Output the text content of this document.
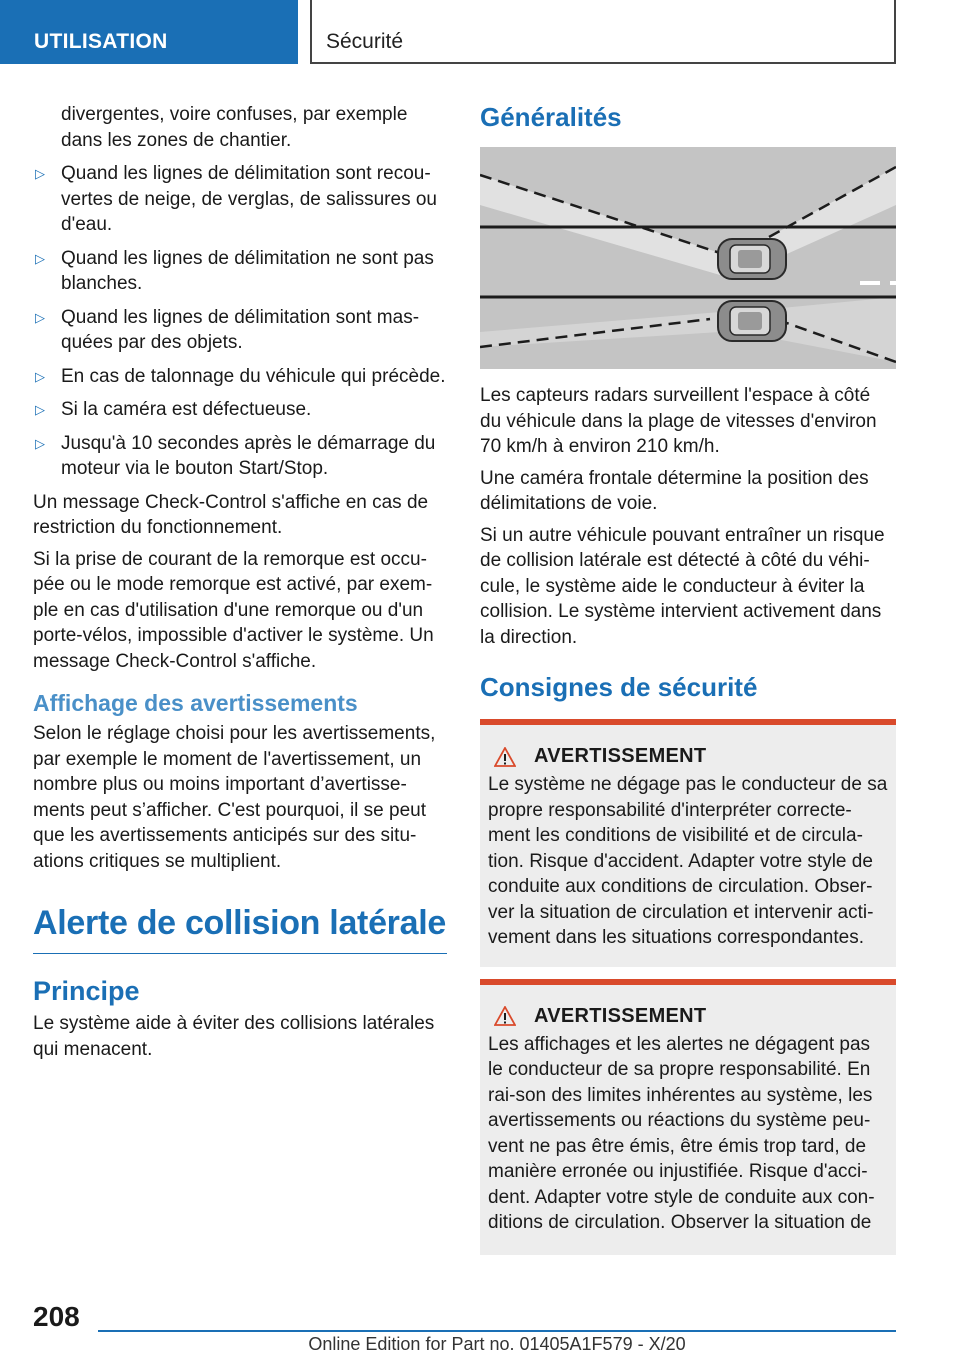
UTILISATION	Sécurité
divergentes, voire confuses, par exemple dans les zones de chantier.
▷ Quand les lignes de délimitation sont recou-vertes de neige, de verglas, de salissures ou d'eau.
▷ Quand les lignes de délimitation ne sont pas blanches.
▷ Quand les lignes de délimitation sont mas-quées par des objets.
▷ En cas de talonnage du véhicule qui précède.
▷ Si la caméra est défectueuse.
▷ Jusqu'à 10 secondes après le démarrage du moteur via le bouton Start/Stop.

Un message Check-Control s'affiche en cas de restriction du fonctionnement.

Si la prise de courant de la remorque est occu-pée ou le mode remorque est activé, par exem-ple en cas d'utilisation d'une remorque ou d'un porte-vélos, impossible d'activer le système. Un message Check-Control s'affiche.

Affichage des avertissements

Selon le réglage choisi pour les avertissements, par exemple le moment de l'avertissement, un nombre plus ou moins important d’avertisse-ments peut s’afficher. C'est pourquoi, il se peut que les avertissements anticipés sur des situ-ations critiques se multiplient.

Alerte de collision latérale
Principe

Le système aide à éviter des collisions latérales qui menacent.

Généralités

Les capteurs radars surveillent l'espace à côté du véhicule dans la plage de vitesses d'environ 70 km/h à environ 210 km/h.

Une caméra frontale détermine la position des délimitations de voie.

Si un autre véhicule pouvant entraîner un risque de collision latérale est détecté à côté du véhi-cule, le système aide le conducteur à éviter la collision. Le système intervient activement dans la direction.

Consignes de sécurité
AVERTISSEMENT

Le système ne dégage pas le conducteur de sa propre responsabilité d'interpréter correcte-ment les conditions de visibilité et de circula-tion. Risque d'accident. Adapter votre style de conduite aux conditions de circulation. Obser-ver la situation de circulation et intervenir acti-vement dans les situations correspondantes.

AVERTISSEMENT

Les affichages et les alertes ne dégagent pas le conducteur de sa propre responsabilité. En rai-son des limites inhérentes au système, les avertissements ou réactions du système peu-vent ne pas être émis, être émis trop tard, de manière erronée ou injustifiée. Risque d'acci-dent. Adapter votre style de conduite aux con-ditions de circulation. Observer la situation de

208
Online Edition for Part no. 01405A1F579 - X/20
